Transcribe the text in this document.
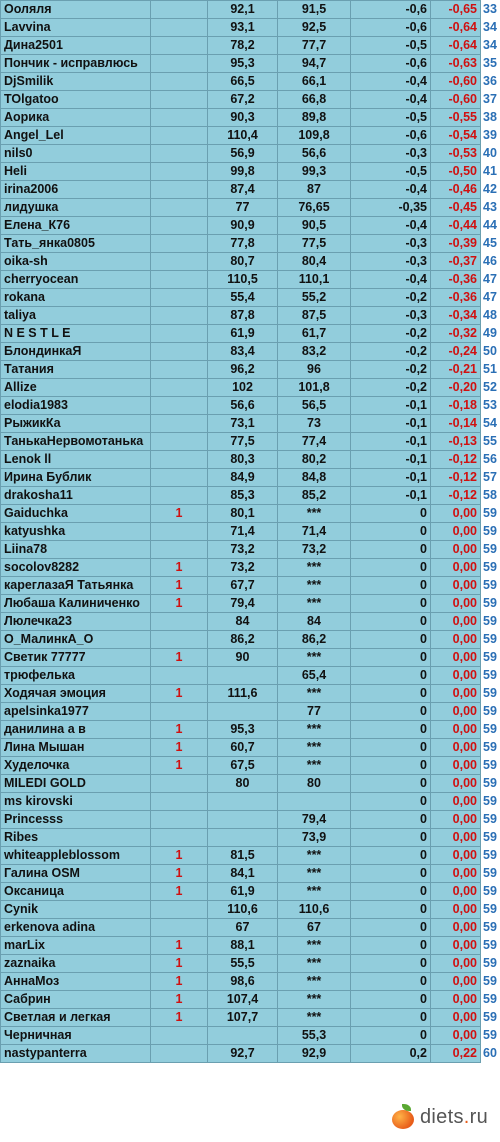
Ооляля		92,1	91,5	-0,6	-0,65	33
Lavvina		93,1	92,5	-0,6	-0,64	34
Дина2501		78,2	77,7	-0,5	-0,64	34
Пончик - исправлюсь		95,3	94,7	-0,6	-0,63	35
DjSmilik		66,5	66,1	-0,4	-0,60	36
TOlgatoo		67,2	66,8	-0,4	-0,60	37
Аорика		90,3	89,8	-0,5	-0,55	38
Angel_Lel		110,4	109,8	-0,6	-0,54	39
nils0		56,9	56,6	-0,3	-0,53	40
Heli		99,8	99,3	-0,5	-0,50	41
irina2006		87,4	87	-0,4	-0,46	42
лидушка		77	76,65	-0,35	-0,45	43
Елена_К76		90,9	90,5	-0,4	-0,44	44
Тать_янка0805		77,8	77,5	-0,3	-0,39	45
oika-sh		80,7	80,4	-0,3	-0,37	46
cherryocean		110,5	110,1	-0,4	-0,36	47
rokana		55,4	55,2	-0,2	-0,36	47
taliya		87,8	87,5	-0,3	-0,34	48
N E S T L E		61,9	61,7	-0,2	-0,32	49
БлондинкаЯ		83,4	83,2	-0,2	-0,24	50
Татания		96,2	96	-0,2	-0,21	51
Allize		102	101,8	-0,2	-0,20	52
elodia1983		56,6	56,5	-0,1	-0,18	53
РыжикКа		73,1	73	-0,1	-0,14	54
ТанькаНервомотанька		77,5	77,4	-0,1	-0,13	55
Lenok ll		80,3	80,2	-0,1	-0,12	56
Ирина Бублик		84,9	84,8	-0,1	-0,12	57
drakosha11		85,3	85,2	-0,1	-0,12	58
Gaiduchka	1	80,1	***	0	0,00	59
katyushka		71,4	71,4	0	0,00	59
Liina78		73,2	73,2	0	0,00	59
socolov8282	1	73,2	***	0	0,00	59
кареглазаЯ Татьянка	1	67,7	***	0	0,00	59
Любаша Калиниченко	1	79,4	***	0	0,00	59
Люлечка23		84	84	0	0,00	59
О_МалинкА_О		86,2	86,2	0	0,00	59
Светик 77777	1	90	***	0	0,00	59
трюфелька			65,4	0	0,00	59
Ходячая эмоция	1	111,6	***	0	0,00	59
apelsinka1977			77	0	0,00	59
данилина а в	1	95,3	***	0	0,00	59
Лина Мышан	1	60,7	***	0	0,00	59
Худелочка	1	67,5	***	0	0,00	59
MILEDI GOLD		80	80	0	0,00	59
ms kirovski				0	0,00	59
Princesss			79,4	0	0,00	59
Ribes			73,9	0	0,00	59
whiteappleblossom	1	81,5	***	0	0,00	59
Галина OSM	1	84,1	***	0	0,00	59
Оксаница	1	61,9	***	0	0,00	59
Cynik		110,6	110,6	0	0,00	59
erkenova adina		67	67	0	0,00	59
marLix	1	88,1	***	0	0,00	59
zaznaika	1	55,5	***	0	0,00	59
АннаМоз	1	98,6	***	0	0,00	59
Сабрин	1	107,4	***	0	0,00	59
Светлая и легкая	1	107,7	***	0	0,00	59
Черничная			55,3	0	0,00	59
nastypanterra		92,7	92,9	0,2	0,22	60
diets.ru
